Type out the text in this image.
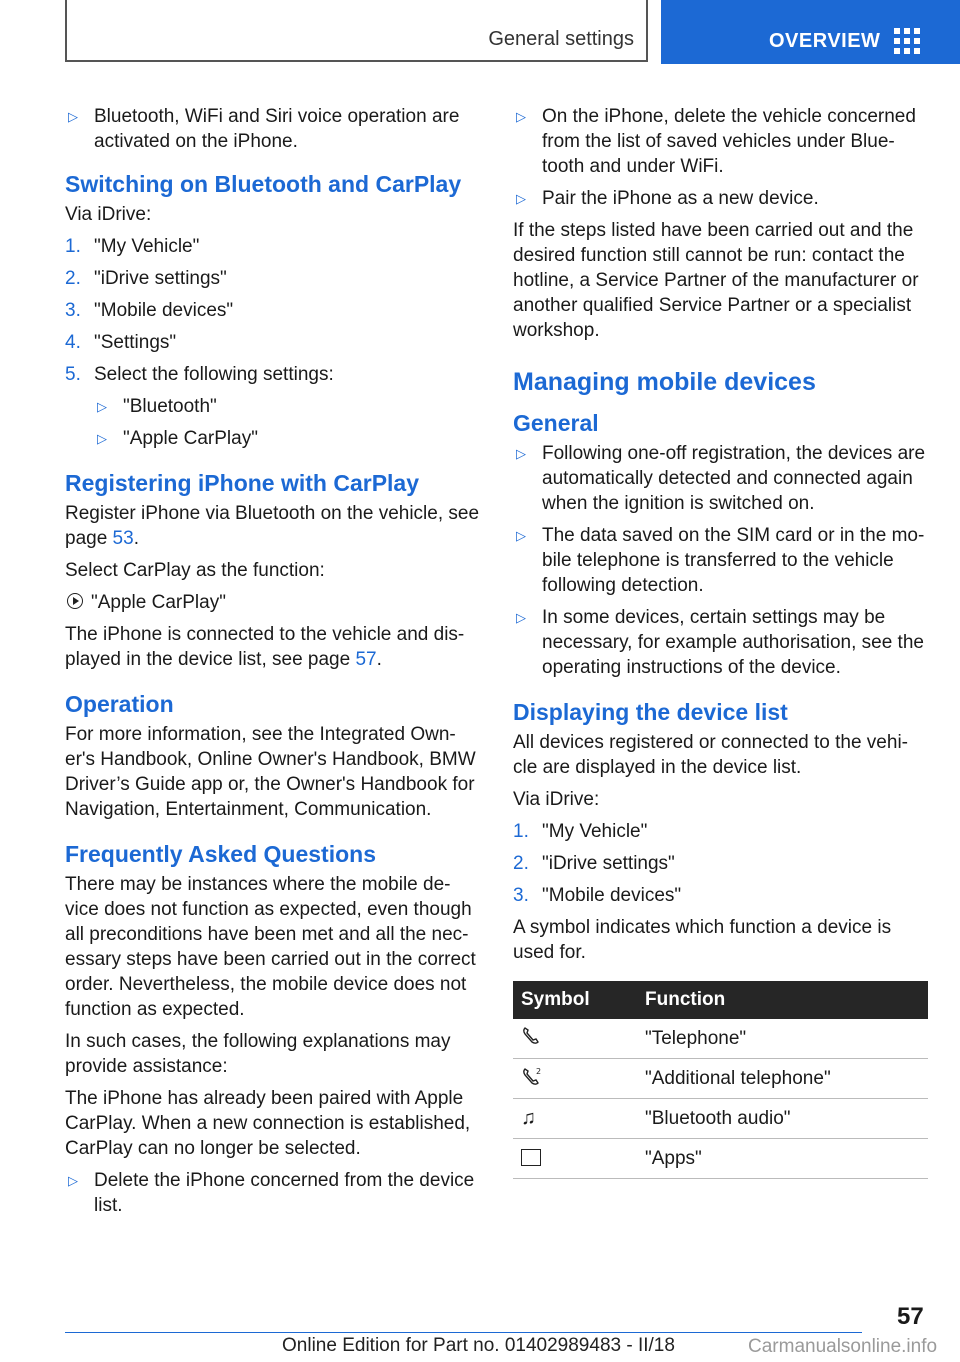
General settings	OVERVIEW
▷ Bluetooth, WiFi and Siri voice operation are activated on the iPhone.
Switching on Bluetooth and CarPlay
Via iDrive:
1. "My Vehicle"
2. "iDrive settings"
3. "Mobile devices"
4. "Settings"
5. Select the following settings:
▷ "Bluetooth"
▷ "Apple CarPlay"
Registering iPhone with CarPlay
Register iPhone via Bluetooth on the vehicle, see page 53.
Select CarPlay as the function:
"Apple CarPlay"
The iPhone is connected to the vehicle and dis‐ played in the device list, see page 57.
Operation
For more information, see the Integrated Own‐ er's Handbook, Online Owner's Handbook, BMW Driver’s Guide app or, the Owner's Handbook for Navigation, Entertainment, Communication.
Frequently Asked Questions
There may be instances where the mobile de‐ vice does not function as expected, even though all preconditions have been met and all the nec‐ essary steps have been carried out in the correct order. Nevertheless, the mobile device does not function as expected.
In such cases, the following explanations may provide assistance:
The iPhone has already been paired with Apple CarPlay. When a new connection is established, CarPlay can no longer be selected.
▷ Delete the iPhone concerned from the device list.
▷ On the iPhone, delete the vehicle concerned from the list of saved vehicles under Blue‐ tooth and under WiFi.
▷ Pair the iPhone as a new device.
If the steps listed have been carried out and the desired function still cannot be run: contact the hotline, a Service Partner of the manufacturer or another qualified Service Partner or a specialist workshop.
Managing mobile devices
General
▷ Following one-off registration, the devices are automatically detected and connected again when the ignition is switched on.
▷ The data saved on the SIM card or in the mo‐ bile telephone is transferred to the vehicle following detection.
▷ In some devices, certain settings may be necessary, for example authorisation, see the operating instructions of the device.
Displaying the device list
All devices registered or connected to the vehi‐ cle are displayed in the device list.
Via iDrive:
1. "My Vehicle"
2. "iDrive settings"
3. "Mobile devices"
A symbol indicates which function a device is used for.
Symbol	Function
	"Telephone"

2	"Additional telephone"
♫	"Bluetooth audio"
	"Apps"
57
Online Edition for Part no. 01402989483 - II/18	Carmanualsonline.info
